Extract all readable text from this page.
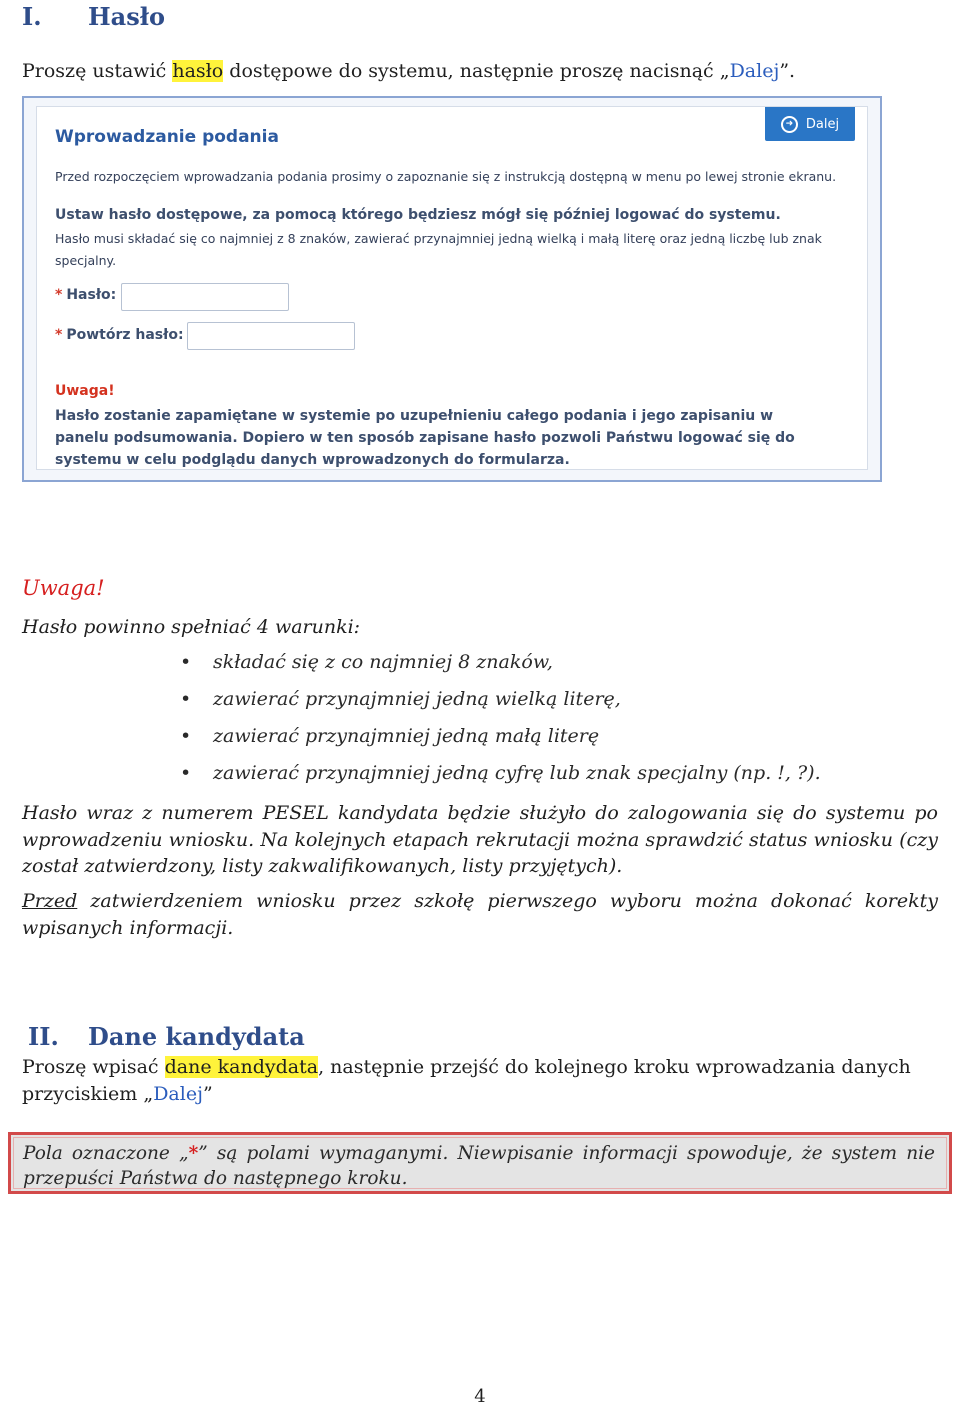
I. Hasło
Proszę ustawić hasło dostępowe do systemu, następnie proszę nacisnąć „Dalej”.
Wprowadzanie podania
➜ Dalej
Przed rozpoczęciem wprowadzania podania prosimy o zapoznanie się z instrukcją dostępną w menu po lewej stronie ekranu.
Ustaw hasło dostępowe, za pomocą którego będziesz mógł się później logować do systemu.
Hasło musi składać się co najmniej z 8 znaków, zawierać przynajmniej jedną wielką i małą literę oraz jedną liczbę lub znak
specjalny.
* Hasło:
* Powtórz hasło:
Uwaga!
Hasło zostanie zapamiętane w systemie po uzupełnieniu całego podania i jego zapisaniu w panelu podsumowania. Dopiero w ten sposób zapisane hasło pozwoli Państwu logować się do systemu w celu podglądu danych wprowadzonych do formularza.
Uwaga!
Hasło powinno spełniać 4 warunki:
• składać się z co najmniej 8 znaków,
• zawierać przynajmniej jedną wielką literę,
• zawierać przynajmniej jedną małą literę
• zawierać przynajmniej jedną cyfrę lub znak specjalny (np. !, ?).
Hasło wraz z numerem PESEL kandydata będzie służyło do zalogowania się do systemu po wprowadzeniu wniosku. Na kolejnych etapach rekrutacji można sprawdzić status wniosku (czy został zatwierdzony, listy zakwalifikowanych, listy przyjętych).
Przed zatwierdzeniem wniosku przez szkołę pierwszego wyboru można dokonać korekty wpisanych informacji.
II. Dane kandydata
Proszę wpisać dane kandydata, następnie przejść do kolejnego kroku wprowadzania danych przyciskiem „Dalej”
Pola oznaczone „*” są polami wymaganymi. Niewpisanie informacji spowoduje, że system nie przepuści Państwa do następnego kroku.
4
